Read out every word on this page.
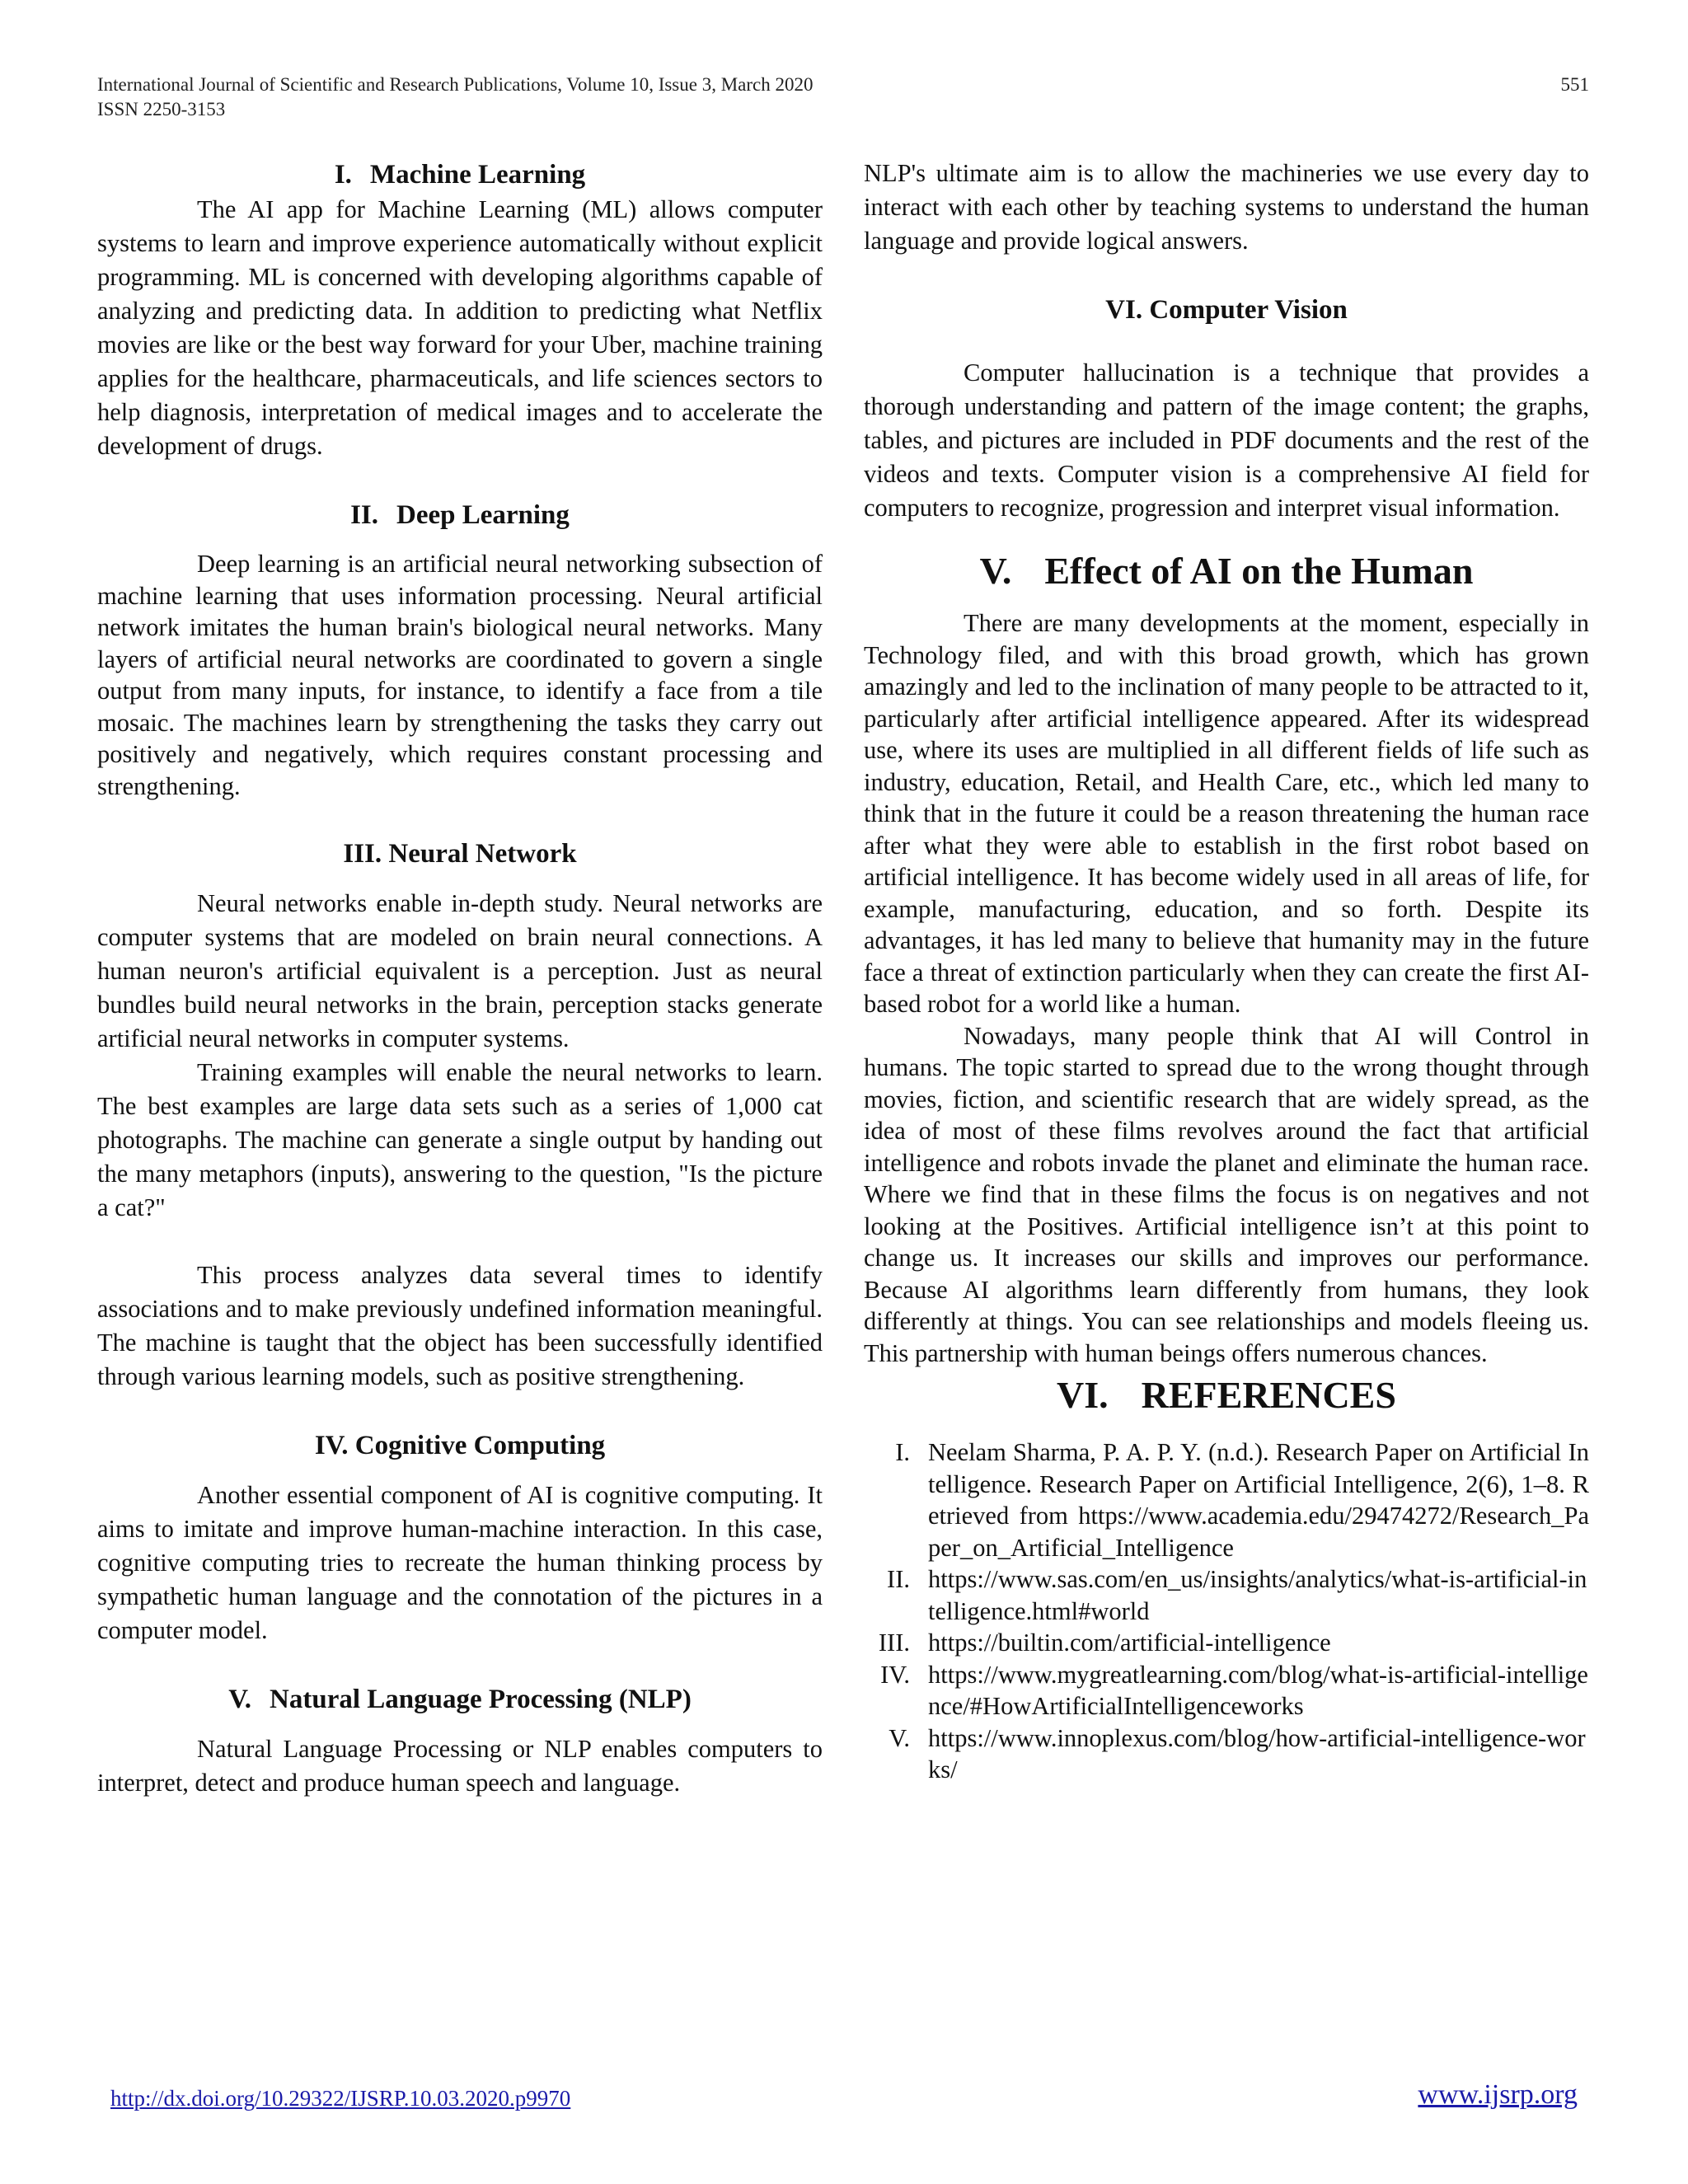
International Journal of Scientific and Research Publications, Volume 10, Issue 3, March 2020
ISSN 2250-3153
551
I. Machine Learning

The AI app for Machine Learning (ML) allows computer systems to learn and improve experience automatically without explicit programming. ML is concerned with developing algorithms capable of analyzing and predicting data. In addition to predicting what Netflix movies are like or the best way forward for your Uber, machine training applies for the healthcare, pharmaceuticals, and life sciences sectors to help diagnosis, interpretation of medical images and to accelerate the development of drugs.

II. Deep Learning

Deep learning is an artificial neural networking subsection of machine learning that uses information processing. Neural artificial network imitates the human brain's biological neural networks. Many layers of artificial neural networks are coordinated to govern a single output from many inputs, for instance, to identify a face from a tile mosaic. The machines learn by strengthening the tasks they carry out positively and negatively, which requires constant processing and strengthening.

III. Neural Network

Neural networks enable in-depth study. Neural networks are computer systems that are modeled on brain neural connections. A human neuron's artificial equivalent is a perception. Just as neural bundles build neural networks in the brain, perception stacks generate artificial neural networks in computer systems.

Training examples will enable the neural networks to learn. The best examples are large data sets such as a series of 1,000 cat photographs. The machine can generate a single output by handing out the many metaphors (inputs), answering to the question, "Is the picture a cat?"

This process analyzes data several times to identify associations and to make previously undefined information meaningful. The machine is taught that the object has been successfully identified through various learning models, such as positive strengthening.

IV. Cognitive Computing

Another essential component of AI is cognitive computing. It aims to imitate and improve human-machine interaction. In this case, cognitive computing tries to recreate the human thinking process by sympathetic human language and the connotation of the pictures in a computer model.

V. Natural Language Processing (NLP)

Natural Language Processing or NLP enables computers to interpret, detect and produce human speech and language.

NLP's ultimate aim is to allow the machineries we use every day to interact with each other by teaching systems to understand the human language and provide logical answers.

VI. Computer Vision

Computer hallucination is a technique that provides a thorough understanding and pattern of the image content; the graphs, tables, and pictures are included in PDF documents and the rest of the videos and texts. Computer vision is a comprehensive AI field for computers to recognize, progression and interpret visual information.

V. Effect of AI on the Human

There are many developments at the moment, especially in Technology filed, and with this broad growth, which has grown amazingly and led to the inclination of many people to be attracted to it, particularly after artificial intelligence appeared. After its widespread use, where its uses are multiplied in all different fields of life such as industry, education, Retail, and Health Care, etc., which led many to think that in the future it could be a reason threatening the human race after what they were able to establish in the first robot based on artificial intelligence. It has become widely used in all areas of life, for example, manufacturing, education, and so forth. Despite its advantages, it has led many to believe that humanity may in the future face a threat of extinction particularly when they can create the first AI-based robot for a world like a human.

Nowadays, many people think that AI will Control in humans. The topic started to spread due to the wrong thought through movies, fiction, and scientific research that are widely spread, as the idea of most of these films revolves around the fact that artificial intelligence and robots invade the planet and eliminate the human race. Where we find that in these films the focus is on negatives and not looking at the Positives. Artificial intelligence isn’t at this point to change us. It increases our skills and improves our performance. Because AI algorithms learn differently from humans, they look differently at things. You can see relationships and models fleeing us. This partnership with human beings offers numerous chances.

VI. REFERENCES
I. Neelam Sharma, P. A. P. Y. (n.d.). Research Paper on Artificial Intelligence. Research Paper on Artificial Intelligence, 2(6), 1–8. Retrieved from https://www.academia.edu/29474272/Research_Paper_on_Artificial_Intelligence
II. https://www.sas.com/en_us/insights/analytics/what-is-artificial-intelligence.html#world
III. https://builtin.com/artificial-intelligence
IV. https://www.mygreatlearning.com/blog/what-is-artificial-intelligence/#HowArtificialIntelligenceworks
V. https://www.innoplexus.com/blog/how-artificial-intelligence-works/
http://dx.doi.org/10.29322/IJSRP.10.03.2020.p9970	www.ijsrp.org
